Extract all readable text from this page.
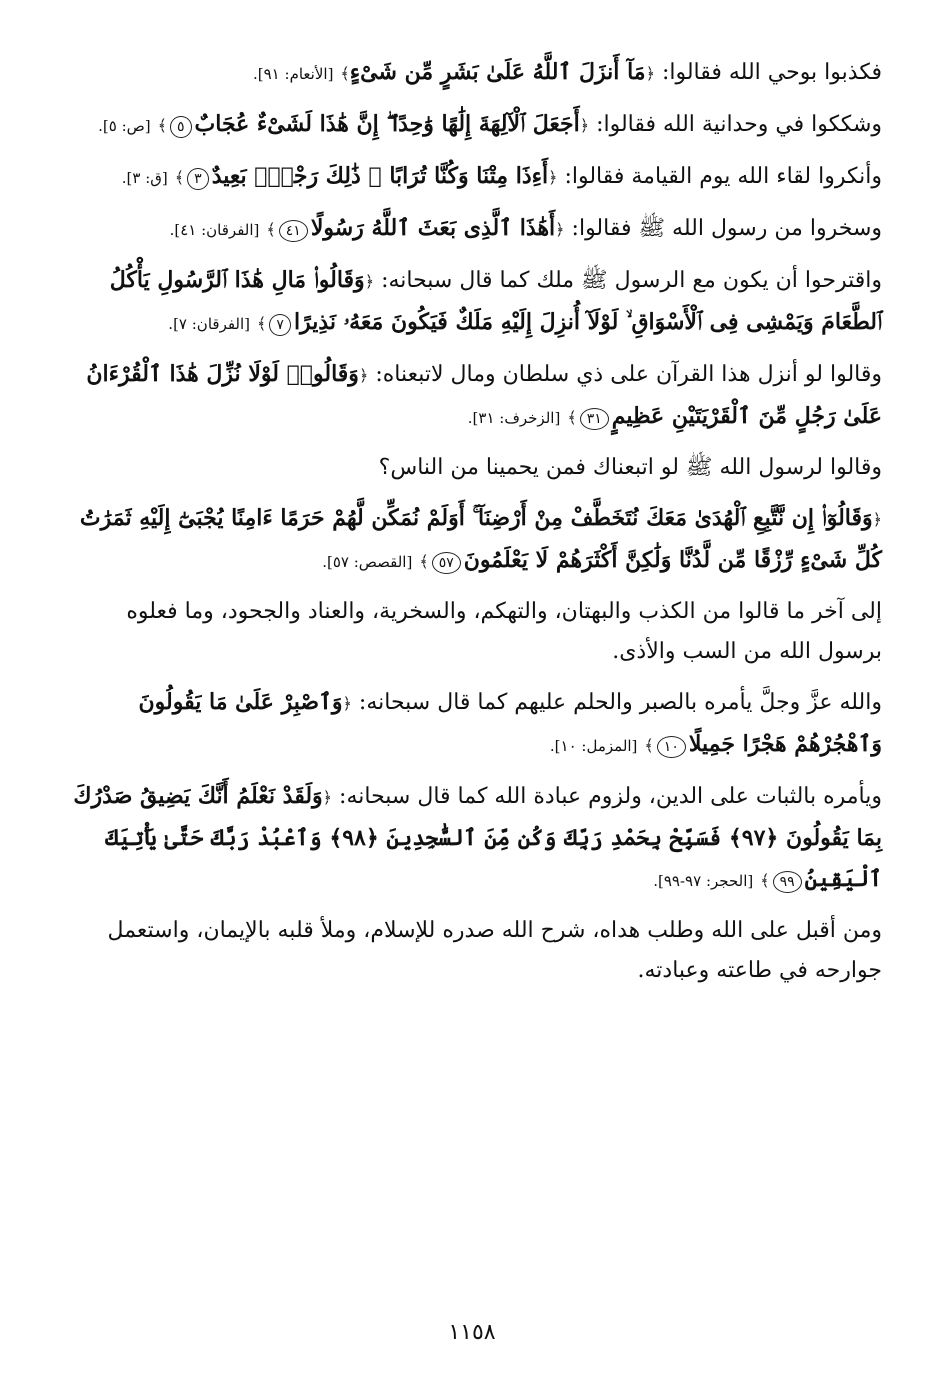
فكذبوا بوحي الله فقالوا: ﴿مَآ أَنزَلَ ٱللَّهُ عَلَىٰ بَشَرٍ مِّن شَىْءٍ﴾ [الأنعام: ٩١].

وشككوا في وحدانية الله فقالوا: ﴿أَجَعَلَ ٱلْآلِهَةَ إِلَٰهًا وَٰحِدًا ۖ إِنَّ هَٰذَا لَشَىْءٌ عُجَابٌ٥﴾ [ص: ٥].

وأنكروا لقاء الله يوم القيامة فقالوا: ﴿أَءِذَا مِتْنَا وَكُنَّا تُرَابًا ۖ ذَٰلِكَ رَجْعٌۢ بَعِيدٌ٣﴾ [ق: ٣].

وسخروا من رسول الله ﷺ فقالوا: ﴿أَهَٰذَا ٱلَّذِى بَعَثَ ٱللَّهُ رَسُولًا٤١﴾ [الفرقان: ٤١].

واقترحوا أن يكون مع الرسول ﷺ ملك كما قال سبحانه: ﴿وَقَالُوا۟ مَالِ هَٰذَا ٱلرَّسُولِ يَأْكُلُ ٱلطَّعَامَ وَيَمْشِى فِى ٱلْأَسْوَاقِ ۙ لَوْلَآ أُنزِلَ إِلَيْهِ مَلَكٌ فَيَكُونَ مَعَهُۥ نَذِيرًا٧﴾ [الفرقان: ٧].

وقالوا لو أنزل هذا القرآن على ذي سلطان ومال لاتبعناه: ﴿وَقَالُوا۟ لَوْلَا نُزِّلَ هَٰذَا ٱلْقُرْءَانُ عَلَىٰ رَجُلٍ مِّنَ ٱلْقَرْيَتَيْنِ عَظِيمٍ٣١﴾ [الزخرف: ٣١].

وقالوا لرسول الله ﷺ لو اتبعناك فمن يحمينا من الناس؟

﴿وَقَالُوٓا۟ إِن نَّتَّبِعِ ٱلْهُدَىٰ مَعَكَ نُتَخَطَّفْ مِنْ أَرْضِنَآ ۚ أَوَلَمْ نُمَكِّن لَّهُمْ حَرَمًا ءَامِنًا يُجْبَىٰٓ إِلَيْهِ ثَمَرَٰتُ كُلِّ شَىْءٍ رِّزْقًا مِّن لَّدُنَّا وَلَٰكِنَّ أَكْثَرَهُمْ لَا يَعْلَمُونَ٥٧﴾ [القصص: ٥٧].

إلى آخر ما قالوا من الكذب والبهتان، والتهكم، والسخرية، والعناد والجحود، وما فعلوه برسول الله من السب والأذى.

والله عزَّ وجلَّ يأمره بالصبر والحلم عليهم كما قال سبحانه: ﴿وَٱصْبِرْ عَلَىٰ مَا يَقُولُونَ وَٱهْجُرْهُمْ هَجْرًا جَمِيلًا١٠﴾ [المزمل: ١٠].

ويأمره بالثبات على الدين، ولزوم عبادة الله كما قال سبحانه: ﴿وَلَقَدْ نَعْلَمُ أَنَّكَ يَضِيقُ صَدْرُكَ بِمَا يَقُولُونَ ﴿٩٧﴾ فَسَبِّحْ بِحَمْدِ رَبِّكَ وَكُن مِّنَ ٱلسَّٰجِدِينَ ﴿٩٨﴾ وَٱعْبُدْ رَبَّكَ حَتَّىٰ يَأْتِيَكَ ٱلْيَقِينُ٩٩﴾ [الحجر: ٩٧-٩٩].

ومن أقبل على الله وطلب هداه، شرح الله صدره للإسلام، وملأ قلبه بالإيمان، واستعمل جوارحه في طاعته وعبادته.

١١٥٨
